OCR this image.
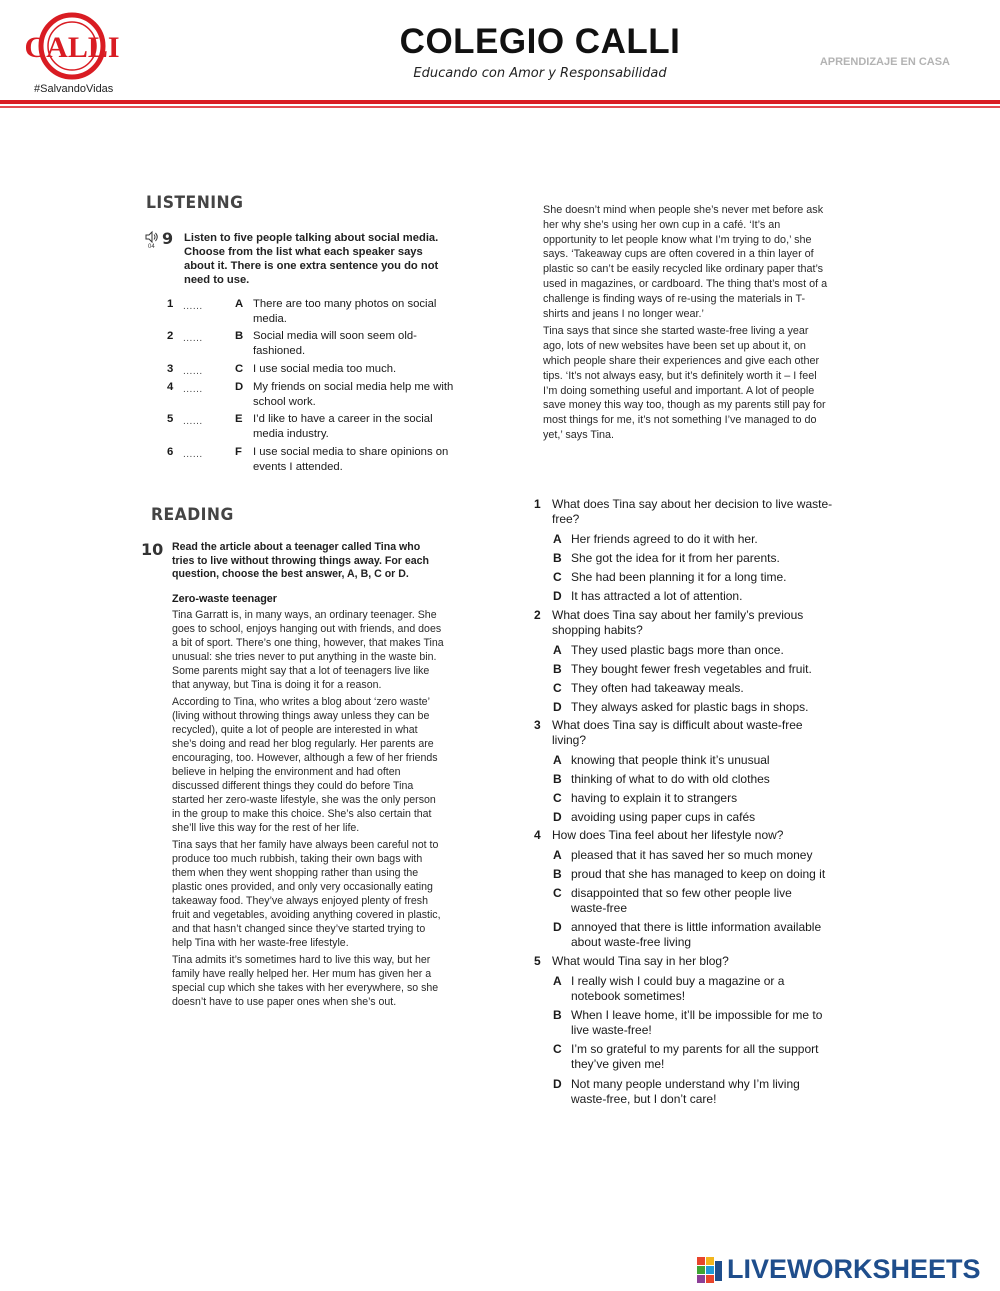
CALLI
#SalvandoVidas
COLEGIO CALLI
Educando con Amor y Responsabilidad
APRENDIZAJE EN CASA
LISTENING
04 9 Listen to five people talking about social media. Choose from the list what each speaker says about it. There is one extra sentence you do not need to use.
1 ......	A There are too many photos on social media.
2 ......	B Social media will soon seem old-fashioned.
3 ......	C I use social media too much.
4 ......	D My friends on social media help me with school work.
5 ......	E I’d like to have a career in the social media industry.
6 ......	F I use social media to share opinions on events I attended.
READING
10 Read the article about a teenager called Tina who tries to live without throwing things away. For each question, choose the best answer, A, B, C or D.
Zero-waste teenager

Tina Garratt is, in many ways, an ordinary teenager. She goes to school, enjoys hanging out with friends, and does a bit of sport. There’s one thing, however, that makes Tina unusual: she tries never to put anything in the waste bin. Some parents might say that a lot of teenagers live like that anyway, but Tina is doing it for a reason.

According to Tina, who writes a blog about ‘zero waste’ (living without throwing things away unless they can be recycled), quite a lot of people are interested in what she’s doing and read her blog regularly. Her parents are encouraging, too. However, although a few of her friends believe in helping the environment and had often discussed different things they could do before Tina started her zero-waste lifestyle, she was the only person in the group to make this choice. She’s also certain that she’ll live this way for the rest of her life.

Tina says that her family have always been careful not to produce too much rubbish, taking their own bags with them when they went shopping rather than using the plastic ones provided, and only very occasionally eating takeaway food. They’ve always enjoyed plenty of fresh fruit and vegetables, avoiding anything covered in plastic, and that hasn’t changed since they’ve started trying to help Tina with her waste-free lifestyle.

Tina admits it’s sometimes hard to live this way, but her family have really helped her. Her mum has given her a special cup which she takes with her everywhere, so she doesn’t have to use paper ones when she’s out.

She doesn’t mind when people she’s never met before ask her why she’s using her own cup in a café. ‘It’s an opportunity to let people know what I’m trying to do,’ she says. ‘Takeaway cups are often covered in a thin layer of plastic so can’t be easily recycled like ordinary paper that’s used in magazines, or cardboard. The thing that’s most of a challenge is finding ways of re-using the materials in T-shirts and jeans I no longer wear.’

Tina says that since she started waste-free living a year ago, lots of new websites have been set up about it, on which people share their experiences and give each other tips. ‘It’s not always easy, but it’s definitely worth it – I feel I’m doing something useful and important. A lot of people save money this way too, though as my parents still pay for most things for me, it’s not something I’ve managed to do yet,’ says Tina.

1 What does Tina say about her decision to live waste-free?
A Her friends agreed to do it with her.
B She got the idea for it from her parents.
C She had been planning it for a long time.
D It has attracted a lot of attention.
2 What does Tina say about her family’s previous shopping habits?
A They used plastic bags more than once.
B They bought fewer fresh vegetables and fruit.
C They often had takeaway meals.
D They always asked for plastic bags in shops.
3 What does Tina say is difficult about waste-free living?
A knowing that people think it’s unusual
B thinking of what to do with old clothes
C having to explain it to strangers
D avoiding using paper cups in cafés
4 How does Tina feel about her lifestyle now?
A pleased that it has saved her so much money
B proud that she has managed to keep on doing it
C disappointed that so few other people live waste-free
D annoyed that there is little information available about waste-free living
5 What would Tina say in her blog?
A I really wish I could buy a magazine or a notebook sometimes!
B When I leave home, it’ll be impossible for me to live waste-free!
C I’m so grateful to my parents for all the support they’ve given me!
D Not many people understand why I’m living waste-free, but I don’t care!
LIVEWORKSHEETS
